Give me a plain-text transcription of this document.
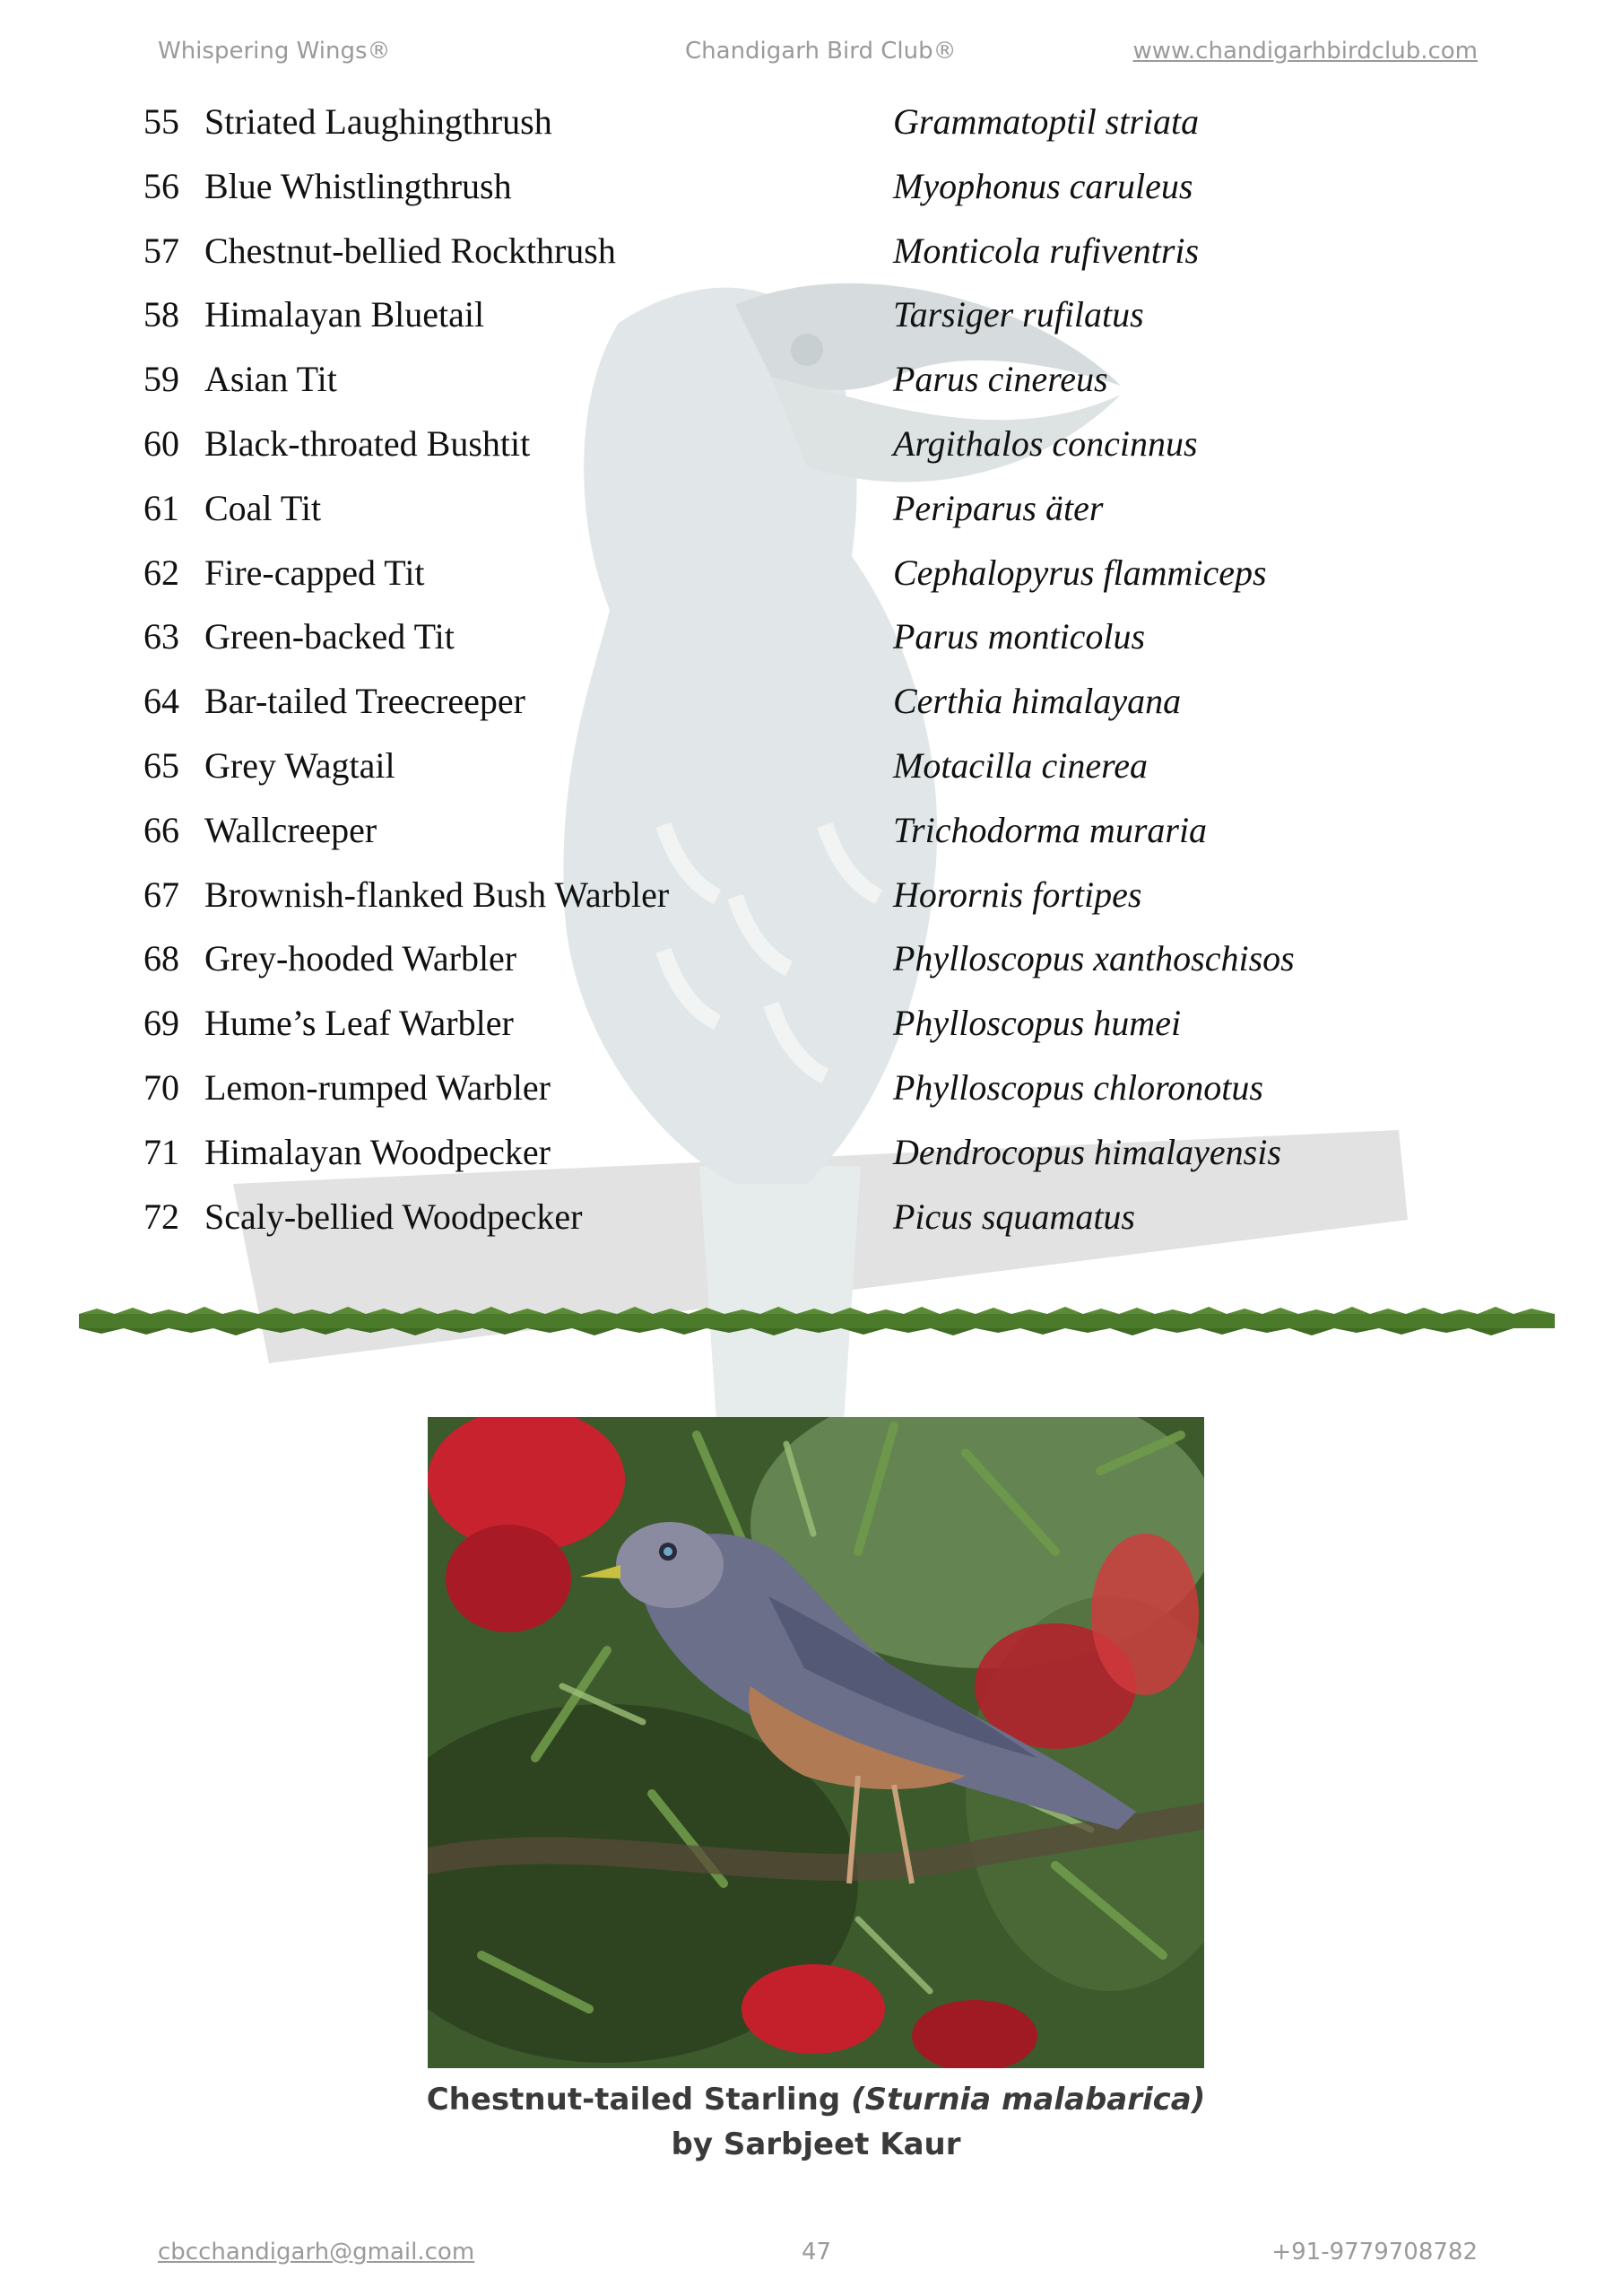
Whispering Wings®	Chandigarh Bird Club®	www.chandigarhbirdclub.com
55 Striated Laughingthrush	Grammatoptil striata
56 Blue Whistlingthrush	Myophonus caruleus
57 Chestnut-bellied Rockthrush	Monticola rufiventris
58 Himalayan Bluetail	Tarsiger rufilatus
59 Asian Tit	Parus cinereus
60 Black-throated Bushtit	Argithalos concinnus
61 Coal Tit	Periparus äter
62 Fire-capped Tit	Cephalopyrus flammiceps
63 Green-backed Tit	Parus monticolus
64 Bar-tailed Treecreeper	Certhia himalayana
65 Grey Wagtail	Motacilla cinerea
66 Wallcreeper	Trichodorma muraria
67 Brownish-flanked Bush Warbler	Horornis fortipes
68 Grey-hooded Warbler	Phylloscopus xanthoschisos
69 Hume’s Leaf Warbler	Phylloscopus humei
70 Lemon-rumped Warbler	Phylloscopus chloronotus
71 Himalayan Woodpecker	Dendrocopus himalayensis
72 Scaly-bellied Woodpecker	Picus squamatus
Chestnut-tailed Starling (Sturnia malabarica)
by Sarbjeet Kaur
cbcchandigarh@gmail.com	47	+91-9779708782
